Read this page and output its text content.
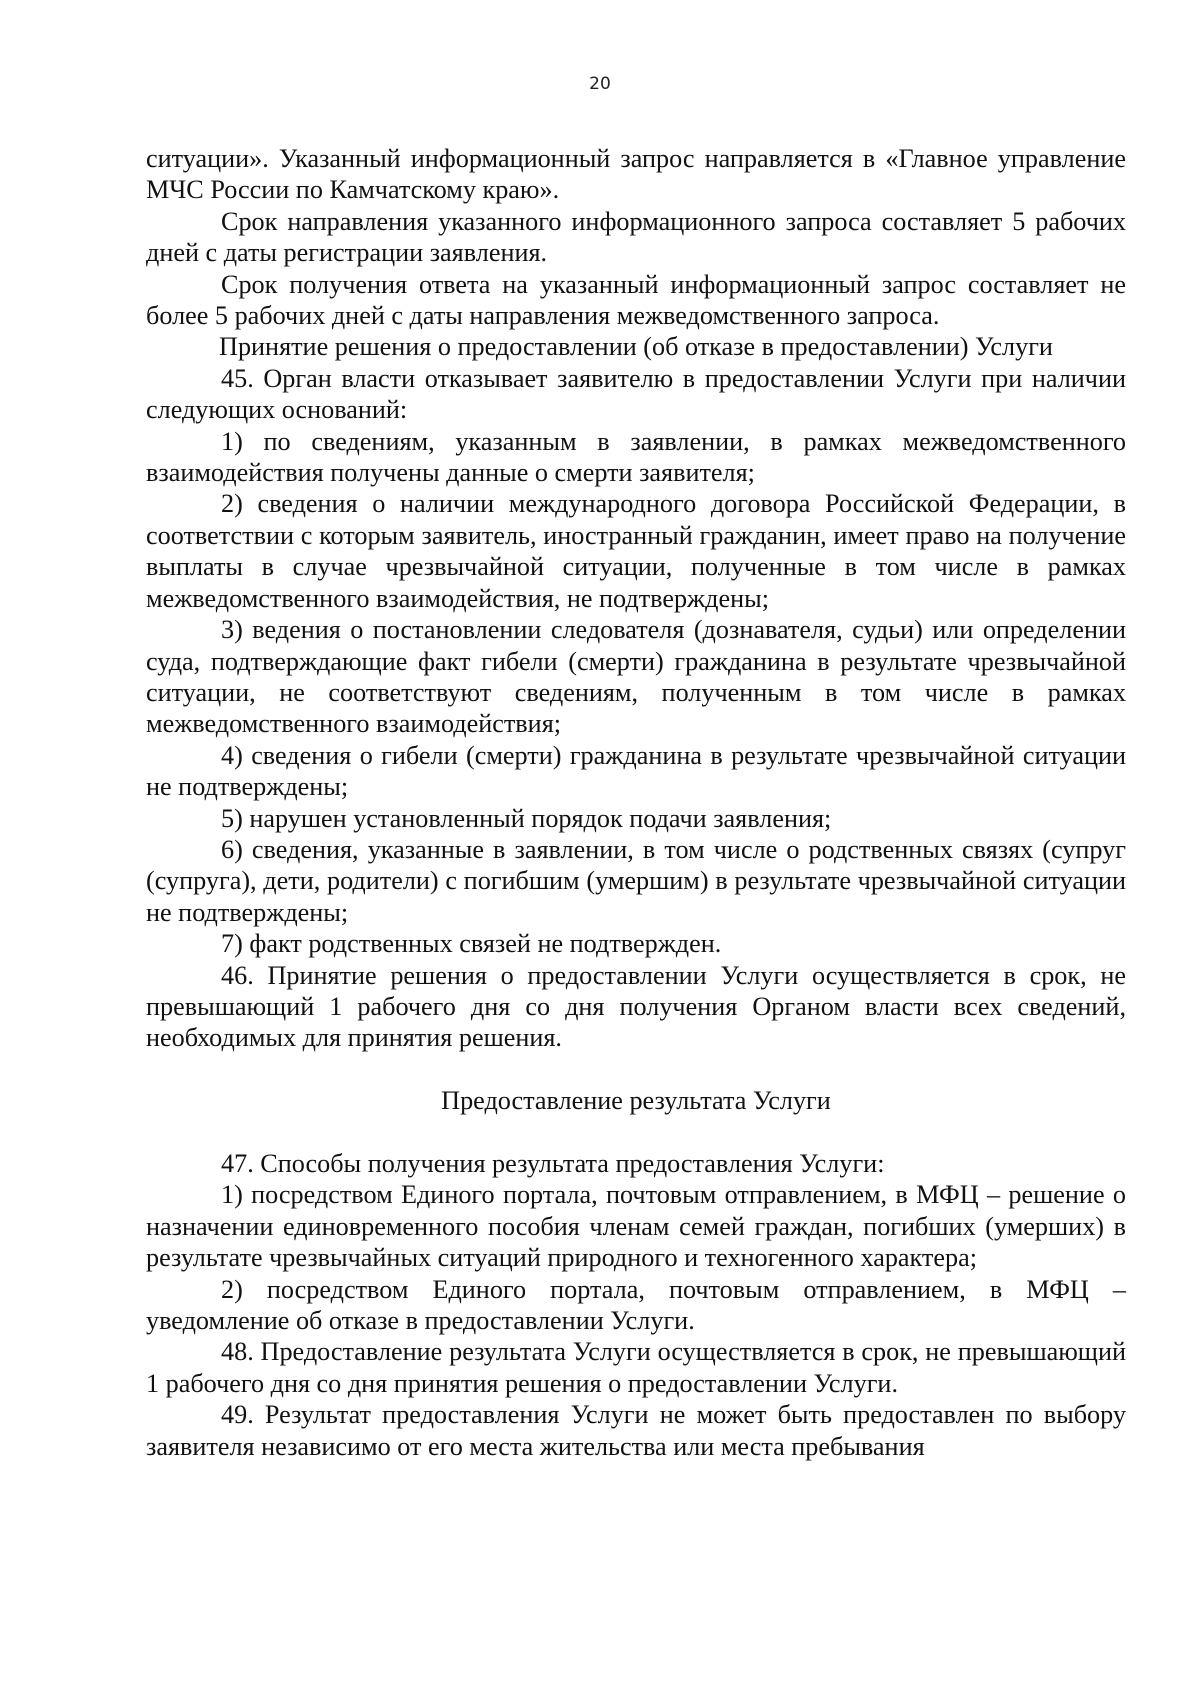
20

ситуации». Указанный информационный запрос направляется в «Главное управление МЧС России по Камчатскому краю».

Срок направления указанного информационного запроса составляет 5 рабочих дней с даты регистрации заявления.

Срок получения ответа на указанный информационный запрос составляет не более 5 рабочих дней с даты направления межведомственного запроса.

Принятие решения о предоставлении (об отказе в предоставлении) Услуги

45. Орган власти отказывает заявителю в предоставлении Услуги при наличии следующих оснований:

1) по сведениям, указанным в заявлении, в рамках межведомственного взаимодействия получены данные о смерти заявителя;

2) сведения о наличии международного договора Российской Федерации, в соответствии с которым заявитель, иностранный гражданин, имеет право на получение выплаты в случае чрезвычайной ситуации, полученные в том числе в рамках межведомственного взаимодействия, не подтверждены;

3) ведения о постановлении следователя (дознавателя, судьи) или определении суда, подтверждающие факт гибели (смерти) гражданина в результате чрезвычайной ситуации, не соответствуют сведениям, полученным в том числе в рамках межведомственного взаимодействия;

4) сведения о гибели (смерти) гражданина в результате чрезвычайной ситуации не подтверждены;

5) нарушен установленный порядок подачи заявления;

6) сведения, указанные в заявлении, в том числе о родственных связях (супруг (супруга), дети, родители) с погибшим (умершим) в результате чрезвычайной ситуации не подтверждены;

7) факт родственных связей не подтвержден.

46. Принятие решения о предоставлении Услуги осуществляется в срок, не превышающий 1 рабочего дня со дня получения Органом власти всех сведений, необходимых для принятия решения.

Предоставление результата Услуги

47. Способы получения результата предоставления Услуги:

1) посредством Единого портала, почтовым отправлением, в МФЦ – решение о назначении единовременного пособия членам семей граждан, погибших (умерших) в результате чрезвычайных ситуаций природного и техногенного характера;

2) посредством Единого портала, почтовым отправлением, в МФЦ – уведомление об отказе в предоставлении Услуги.

48. Предоставление результата Услуги осуществляется в срок, не превышающий 1 рабочего дня со дня принятия решения о предоставлении Услуги.

49. Результат предоставления Услуги не может быть предоставлен по выбору заявителя независимо от его места жительства или места пребывания
